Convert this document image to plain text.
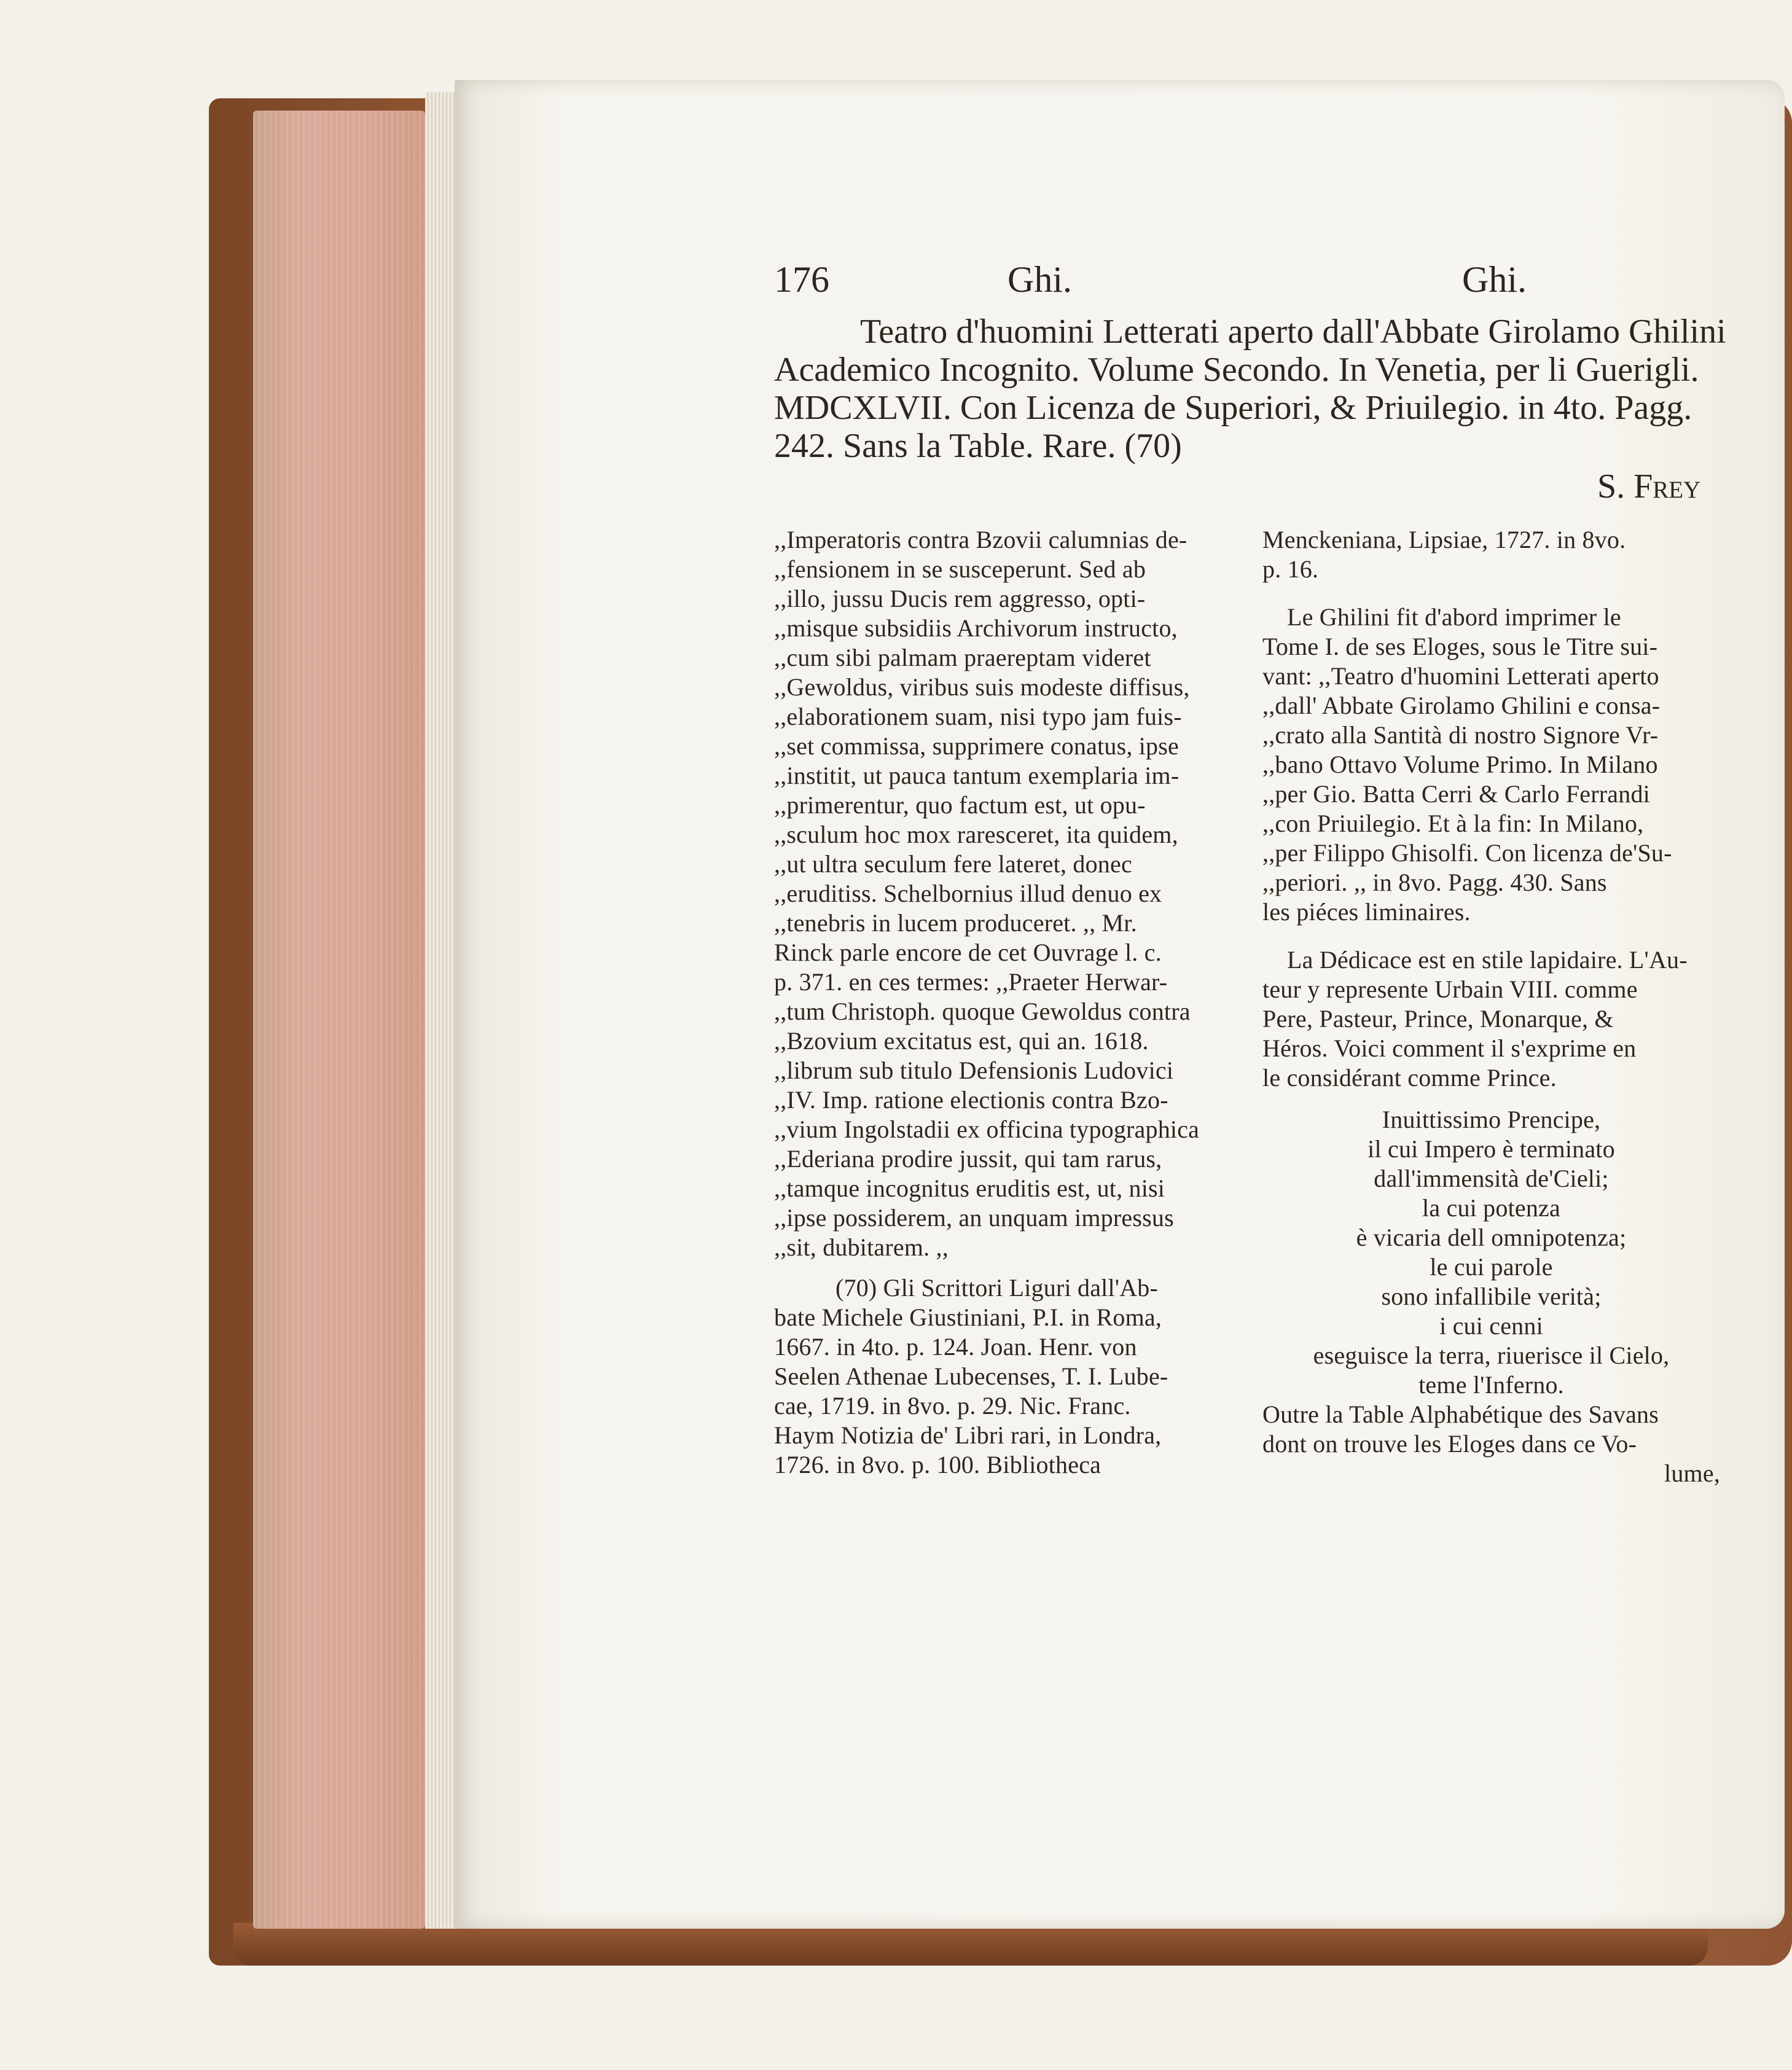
176	Ghi.	Ghi.
Teatro d'huomini Letterati aperto dall'Abbate Girolamo Ghilini
Academico Incognito. Volume Secondo. In Venetia, per li Guerigli.
MDCXLVII. Con Licenza de Superiori, & Priuilegio. in 4to. Pagg.
242. Sans la Table. Rare. (70)
S. Frey
,,Imperatoris contra Bzovii calumnias de-
,,fensionem in se susceperunt. Sed ab
,,illo, jussu Ducis rem aggresso, opti-
,,misque subsidiis Archivorum instructo,
,,cum sibi palmam praereptam videret
,,Gewoldus, viribus suis modeste diffisus,
,,elaborationem suam, nisi typo jam fuis-
,,set commissa, supprimere conatus, ipse
,,institit, ut pauca tantum exemplaria im-
,,primerentur, quo factum est, ut opu-
,,sculum hoc mox raresceret, ita quidem,
,,ut ultra seculum fere lateret, donec
,,eruditiss. Schelbornius illud denuo ex
,,tenebris in lucem produceret. ,, Mr.
Rinck parle encore de cet Ouvrage l. c.
p. 371. en ces termes: ,,Praeter Herwar-
,,tum Christoph. quoque Gewoldus contra
,,Bzovium excitatus est, qui an. 1618.
,,librum sub titulo Defensionis Ludovici
,,IV. Imp. ratione electionis contra Bzo-
,,vium Ingolstadii ex officina typographica
,,Ederiana prodire jussit, qui tam rarus,
,,tamque incognitus eruditis est, ut, nisi
,,ipse possiderem, an unquam impressus
,,sit, dubitarem. ,,
(70) Gli Scrittori Liguri dall'Ab-
bate Michele Giustiniani, P.I. in Roma,
1667. in 4to. p. 124. Joan. Henr. von
Seelen Athenae Lubecenses, T. I. Lube-
cae, 1719. in 8vo. p. 29. Nic. Franc.
Haym Notizia de' Libri rari, in Londra,
1726. in 8vo. p. 100. Bibliotheca
Menckeniana, Lipsiae, 1727. in 8vo.
p. 16.
Le Ghilini fit d'abord imprimer le
Tome I. de ses Eloges, sous le Titre sui-
vant: ,,Teatro d'huomini Letterati aperto
,,dall' Abbate Girolamo Ghilini e consa-
,,crato alla Santità di nostro Signore Vr-
,,bano Ottavo Volume Primo. In Milano
,,per Gio. Batta Cerri & Carlo Ferrandi
,,con Priuilegio. Et à la fin: In Milano,
,,per Filippo Ghisolfi. Con licenza de'Su-
,,periori. ,, in 8vo. Pagg. 430. Sans
les piéces liminaires.
La Dédicace est en stile lapidaire. L'Au-
teur y represente Urbain VIII. comme
Pere, Pasteur, Prince, Monarque, &
Héros. Voici comment il s'exprime en
le considérant comme Prince.
Inuittissimo Prencipe,
il cui Impero è terminato
dall'immensità de'Cieli;
la cui potenza
è vicaria dell omnipotenza;
le cui parole
sono infallibile verità;
i cui cenni
eseguisce la terra, riuerisce il Cielo,
teme l'Inferno.
Outre la Table Alphabétique des Savans
dont on trouve les Eloges dans ce Vo-
lume,
